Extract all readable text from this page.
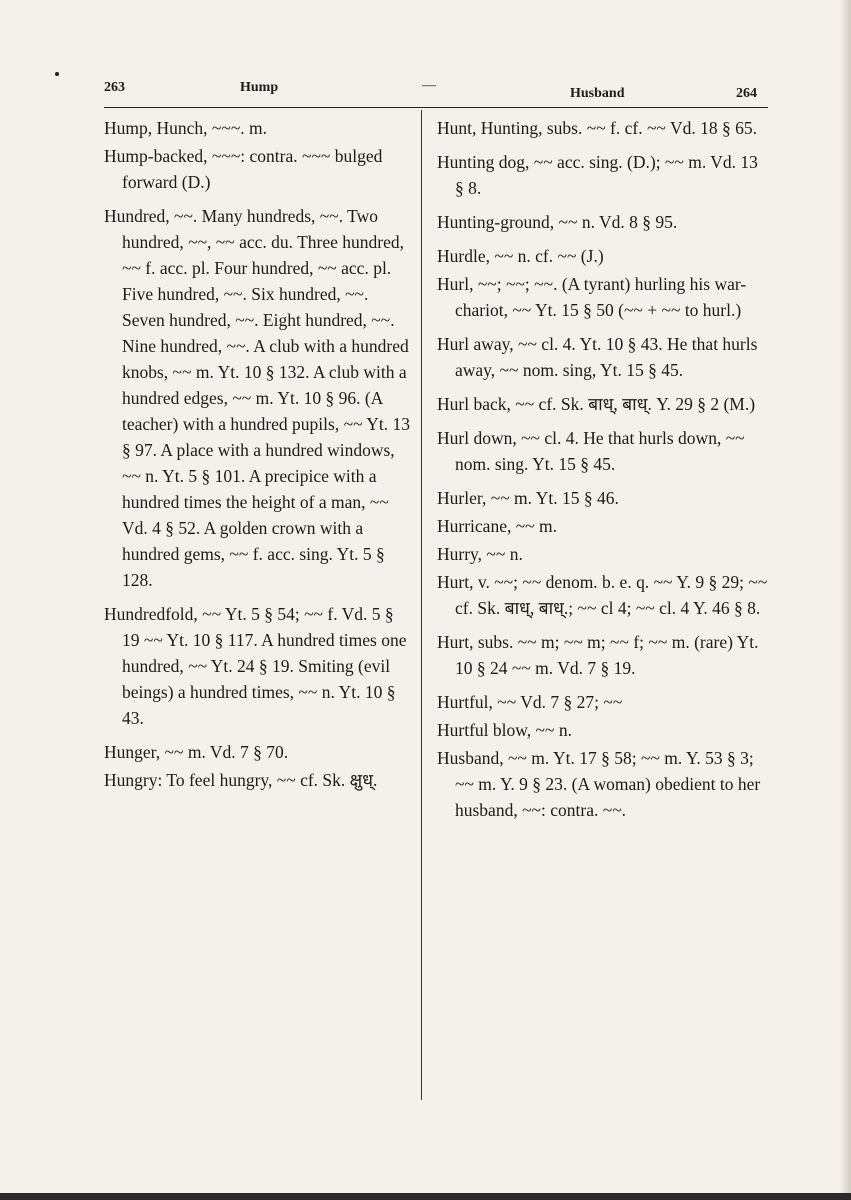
263	Hump	—
Husband	264

Hump, Hunch, ~~~. m.

Hump-backed, ~~~: contra. ~~~ bulged forward (D.)

Hundred, ~~. Many hundreds, ~~. Two hundred, ~~, ~~ acc. du. Three hundred, ~~ f. acc. pl. Four hundred, ~~ acc. pl. Five hundred, ~~. Six hundred, ~~. Seven hundred, ~~. Eight hundred, ~~. Nine hundred, ~~. A club with a hundred knobs, ~~ m. Yt. 10 § 132. A club with a hundred edges, ~~ m. Yt. 10 § 96. (A teacher) with a hundred pupils, ~~ Yt. 13 § 97. A place with a hundred windows, ~~ n. Yt. 5 § 101. A precipice with a hundred times the height of a man, ~~ Vd. 4 § 52. A golden crown with a hundred gems, ~~ f. acc. sing. Yt. 5 § 128.

Hundredfold, ~~ Yt. 5 § 54; ~~ f. Vd. 5 § 19 ~~ Yt. 10 § 117. A hundred times one hundred, ~~ Yt. 24 § 19. Smiting (evil beings) a hundred times, ~~ n. Yt. 10 § 43.

Hunger, ~~ m. Vd. 7 § 70.

Hungry: To feel hungry, ~~ cf. Sk. क्षुध्.

Hunt, Hunting, subs. ~~ f. cf. ~~ Vd. 18 § 65.

Hunting dog, ~~ acc. sing. (D.); ~~ m. Vd. 13 § 8.

Hunting-ground, ~~ n. Vd. 8 § 95.

Hurdle, ~~ n. cf. ~~ (J.)

Hurl, ~~; ~~; ~~. (A tyrant) hurling his war-chariot, ~~ Yt. 15 § 50 (~~ + ~~ to hurl.)

Hurl away, ~~ cl. 4. Yt. 10 § 43. He that hurls away, ~~ nom. sing, Yt. 15 § 45.

Hurl back, ~~ cf. Sk. बाध्, बाध्. Y. 29 § 2 (M.)

Hurl down, ~~ cl. 4. He that hurls down, ~~ nom. sing. Yt. 15 § 45.

Hurler, ~~ m. Yt. 15 § 46.

Hurricane, ~~ m.

Hurry, ~~ n.

Hurt, v. ~~; ~~ denom. b. e. q. ~~ Y. 9 § 29; ~~ cf. Sk. बाध्, बाध्.; ~~ cl 4; ~~ cl. 4 Y. 46 § 8.

Hurt, subs. ~~ m; ~~ m; ~~ f; ~~ m. (rare) Yt. 10 § 24 ~~ m. Vd. 7 § 19.

Hurtful, ~~ Vd. 7 § 27; ~~

Hurtful blow, ~~ n.

Husband, ~~ m. Yt. 17 § 58; ~~ m. Y. 53 § 3; ~~ m. Y. 9 § 23. (A woman) obedient to her husband, ~~: contra. ~~.
